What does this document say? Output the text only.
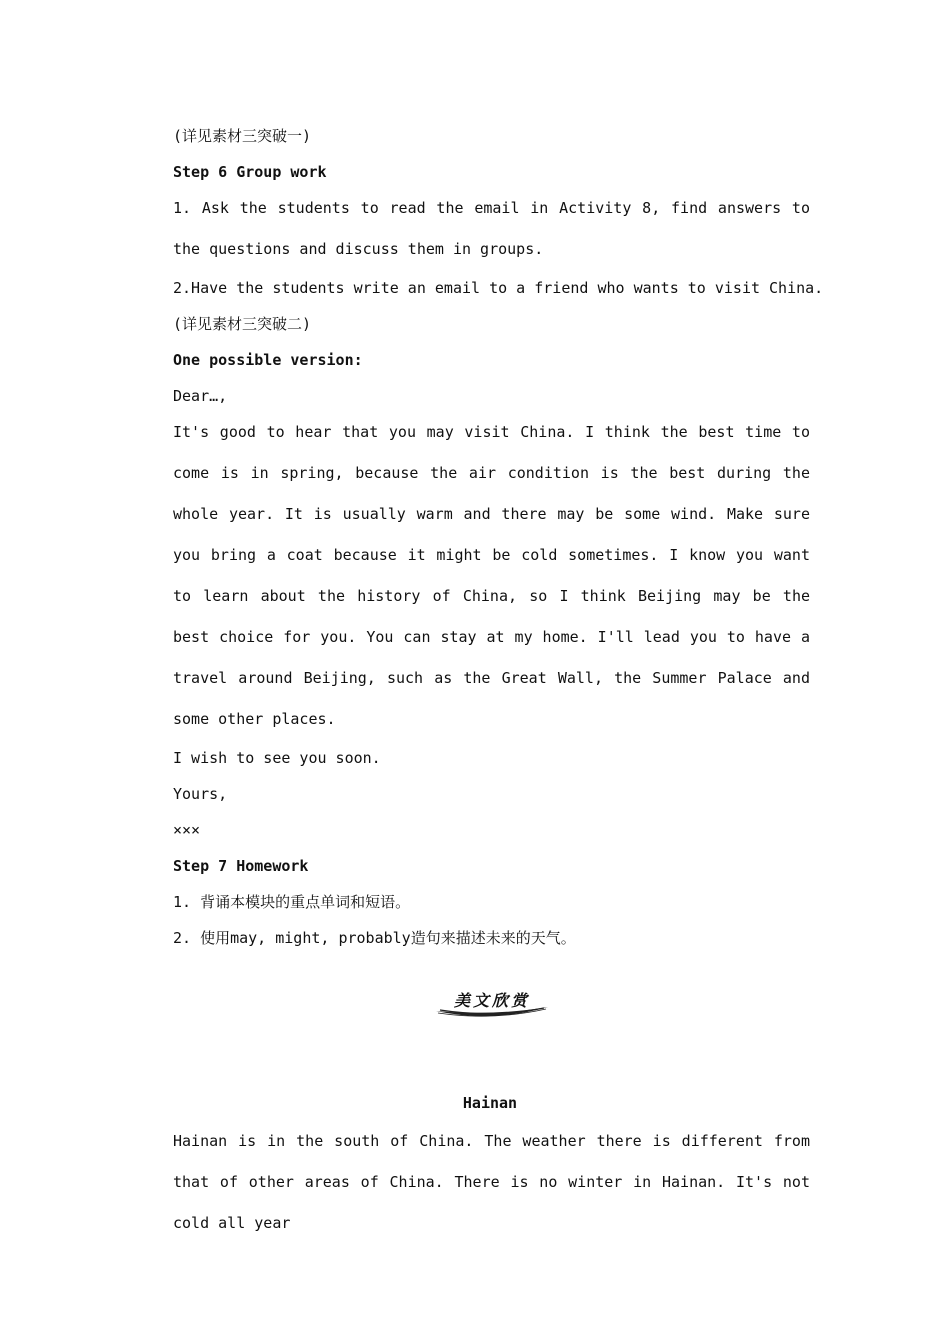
(详见素材三突破一)

Step 6 Group work

1. Ask the students to read the email in Activity 8, find answers to the questions and discuss them in groups.

2.Have the students write an email to a friend who wants to visit China.

(详见素材三突破二)

One possible version:

Dear…,

It's good to hear that you may visit China. I think the best time to come is in spring, because the air condition is the best during the whole year. It is usually warm and there may be some wind. Make sure you bring a coat because it might be cold sometimes. I know you want to learn about the history of China, so I think Beijing may be the best choice for you. You can stay at my home. I'll lead you to have a travel around Beijing, such as the Great Wall, the Summer Palace and some other places.

I wish to see you soon.

Yours,

×××

Step 7 Homework

1. 背诵本模块的重点单词和短语。

2. 使用may, might, probably造句来描述未来的天气。

美文欣赏

Hainan

Hainan is in the south of China. The weather there is different from that of other areas of China. There is no winter in Hainan. It's not cold all year
